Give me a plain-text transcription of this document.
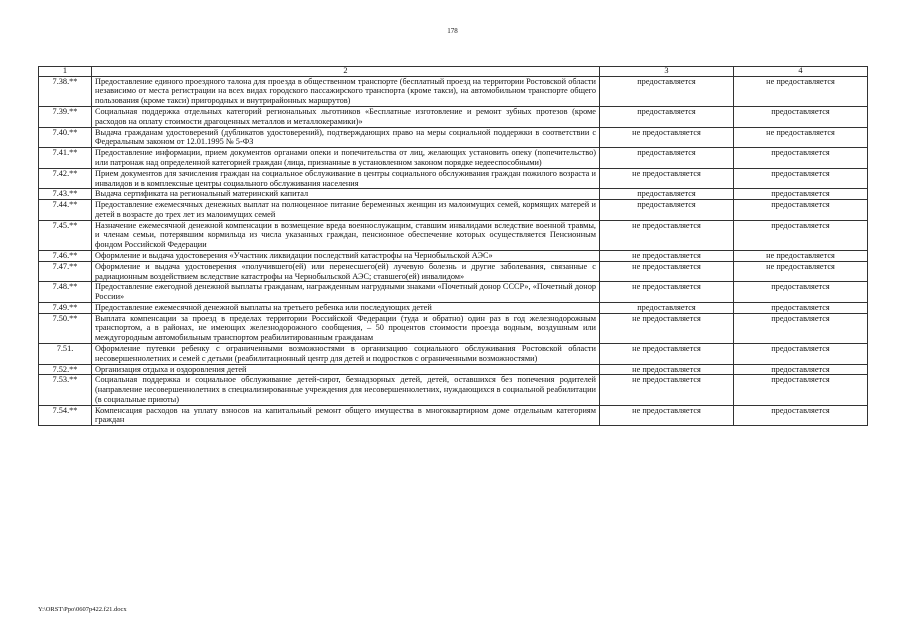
178
1	2	3	4
7.38.**	Предоставление единого проездного талона для проезда в общественном транспорте (бесплатный проезд на территории Ростовской области независимо от места регистрации на всех видах городского пассажирского транспорта (кроме такси), на автомобильном транспорте общего пользования (кроме такси) пригородных и внутрирайонных маршрутов)	предоставляется	не предоставляется
7.39.**	Социальная поддержка отдельных категорий региональных льготников «Бесплатные изготовление и ремонт зубных протезов (кроме расходов на оплату стоимости драгоценных металлов и металлокерамики)»	предоставляется	предоставляется
7.40.**	Выдача гражданам удостоверений (дубликатов удостоверений), подтверждающих право на меры социальной поддержки в соответствии с Федеральным законом от 12.01.1995 № 5-ФЗ	не предоставляется	не предоставляется
7.41.**	Предоставление информации, прием документов органами опеки и попечительства от лиц, желающих установить опеку (попечительство) или патронаж над определенной категорией граждан (лица, признанные в установленном законом порядке недееспособными)	предоставляется	предоставляется
7.42.**	Прием документов для зачисления граждан на социальное обслуживание в центры социального обслуживания граждан пожилого возраста и инвалидов и в комплексные центры социального обслуживания населения	не предоставляется	предоставляется
7.43.**	Выдача сертификата на региональный материнский капитал	предоставляется	предоставляется
7.44.**	Предоставление ежемесячных денежных выплат на полноценное питание беременных женщин из малоимущих семей, кормящих матерей и детей в возрасте до трех лет из малоимущих семей	предоставляется	предоставляется
7.45.**	Назначение ежемесячной денежной компенсации в возмещение вреда военнослужащим, ставшим инвалидами вследствие военной травмы, и членам семьи, потерявшим кормильца из числа указанных граждан, пенсионное обеспечение которых осуществляется Пенсионным фондом Российской Федерации	не предоставляется	предоставляется
7.46.**	Оформление и выдача удостоверения «Участник ликвидации последствий катастрофы на Чернобыльской АЭС»	не предоставляется	не предоставляется
7.47.**	Оформление и выдача удостоверения «получившего(ей) или перенесшего(ей) лучевую болезнь и другие заболевания, связанные с радиационным воздействием вследствие катастрофы на Чернобыльской АЭС; ставшего(ей) инвалидом»	не предоставляется	не предоставляется
7.48.**	Предоставление ежегодной денежной выплаты гражданам, награжденным нагрудными знаками «Почетный донор СССР», «Почетный донор России»	не предоставляется	предоставляется
7.49.**	Предоставление ежемесячной денежной выплаты на третьего ребенка или последующих детей	предоставляется	предоставляется
7.50.**	Выплата компенсации за проезд в пределах территории Российской Федерации (туда и обратно) один раз в год железнодорожным транспортом, а в районах, не имеющих железнодорожного сообщения, – 50 процентов стоимости проезда водным, воздушным или междугородным автомобильным транспортом реабилитированным гражданам	не предоставляется	предоставляется
7.51.	Оформление путевки ребенку с ограниченными возможностями в организацию социального обслуживания Ростовской области несовершеннолетних и семей с детьми (реабилитационный центр для детей и подростков с ограниченными возможностями)	не предоставляется	предоставляется
7.52.**	Организация отдыха и оздоровления детей	не предоставляется	предоставляется
7.53.**	Социальная поддержка и социальное обслуживание детей-сирот, безнадзорных детей, детей, оставшихся без попечения родителей (направление несовершеннолетних в специализированные учреждения для несовершеннолетних, нуждающихся в социальной реабилитации (в социальные приюты)	не предоставляется	предоставляется
7.54.**	Компенсация расходов на уплату взносов на капитальный ремонт общего имущества в многоквартирном доме отдельным категориям граждан	не предоставляется	предоставляется
Y:\ORST\Ppo\0607p422.f21.docx
